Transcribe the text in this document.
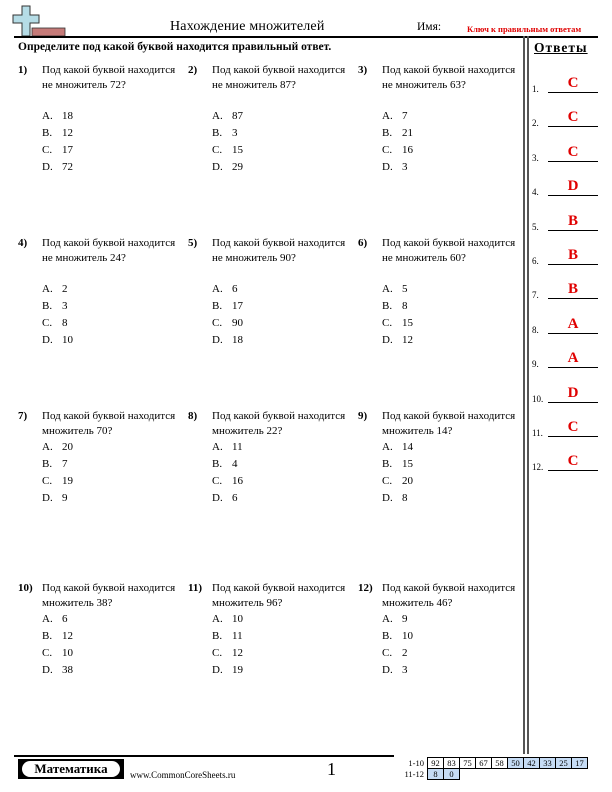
Нахождение множителей	Имя:	Ключ к правильным ответам
Определите под какой буквой находится правильный ответ.	Ответы
1) Под какой буквой находится не множитель 72?
A. 18
B. 12
C. 17
D. 72
2) Под какой буквой находится не множитель 87?
A. 87
B. 3
C. 15
D. 29
3) Под какой буквой находится не множитель 63?
A. 7
B. 21
C. 16
D. 3
4) Под какой буквой находится не множитель 24?
A. 2
B. 3
C. 8
D. 10
5) Под какой буквой находится не множитель 90?
A. 6
B. 17
C. 90
D. 18
6) Под какой буквой находится не множитель 60?
A. 5
B. 8
C. 15
D. 12
7) Под какой буквой находится множитель 70?
A. 20
B. 7
C. 19
D. 9
8) Под какой буквой находится множитель 22?
A. 11
B. 4
C. 16
D. 6
9) Под какой буквой находится множитель 14?
A. 14
B. 15
C. 20
D. 8
10) Под какой буквой находится множитель 38?
A. 6
B. 12
C. 10
D. 38
11) Под какой буквой находится множитель 96?
A. 10
B. 11
C. 12
D. 19
12) Под какой буквой находится множитель 46?
A. 9
B. 10
C. 2
D. 3
1.	C
2.	C
3.	C
4.	D
5.	B
6.	B
7.	B
8.	A
9.	A
10.	D
11.	C
12.	C
Математика	www.CommonCoreSheets.ru	1	1-10	92	83	75	67	58	50	42	33	25	17
11-12	8	0								
